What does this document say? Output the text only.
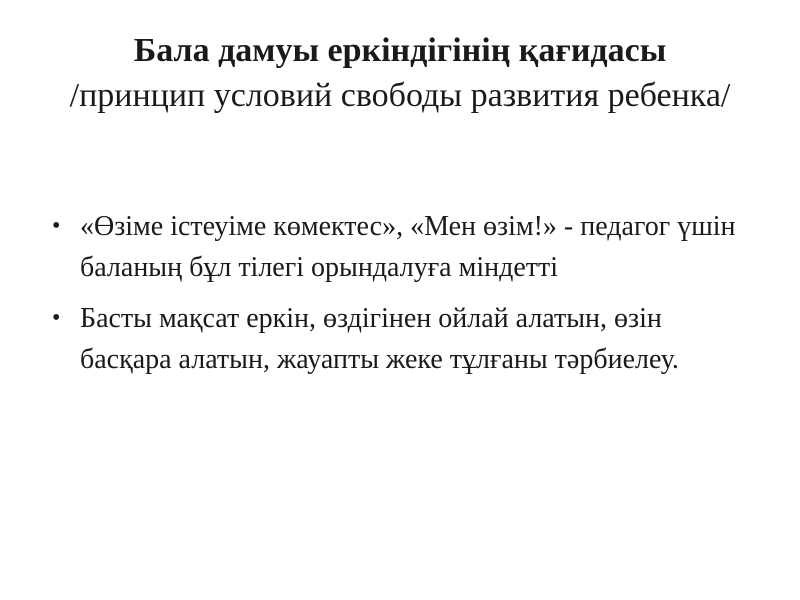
Бала дамуы еркіндігінің қағидасы
/принцип условий свободы развития ребенка/
• «Өзіме істеуіме көмектес», «Мен өзім!» - педагог үшін баланың бұл тілегі орындалуға міндетті
• Басты мақсат еркін, өздігінен ойлай алатын, өзін басқара алатын, жауапты жеке тұлғаны тәрбиелеу.
